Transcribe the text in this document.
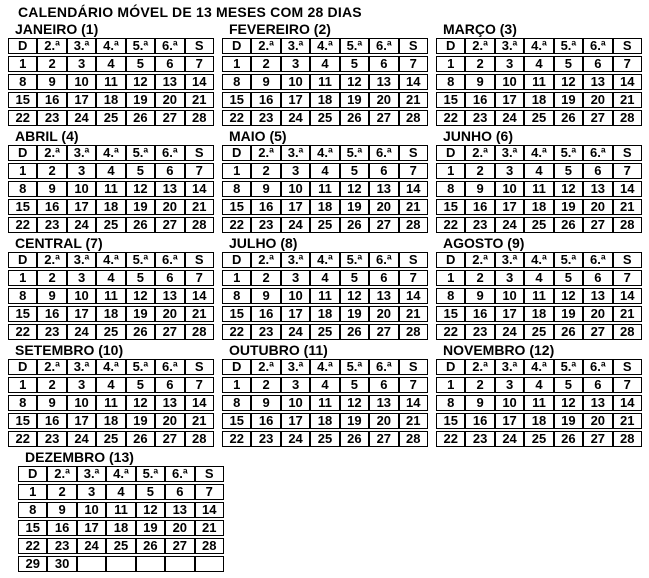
CALENDÁRIO MÓVEL DE 13 MESES COM 28 DIAS
JANEIRO (1)
D	2.ª	3.ª	4.ª	5.ª	6.ª	S
1	2	3	4	5	6	7
8	9	10	11	12	13	14
15	16	17	18	19	20	21
22	23	24	25	26	27	28
FEVEREIRO (2)
D	2.ª	3.ª	4.ª	5.ª	6.ª	S
1	2	3	4	5	6	7
8	9	10	11	12	13	14
15	16	17	18	19	20	21
22	23	24	25	26	27	28
MARÇO (3)
D	2.ª	3.ª	4.ª	5.ª	6.ª	S
1	2	3	4	5	6	7
8	9	10	11	12	13	14
15	16	17	18	19	20	21
22	23	24	25	26	27	28
ABRIL (4)
D	2.ª	3.ª	4.ª	5.ª	6.ª	S
1	2	3	4	5	6	7
8	9	10	11	12	13	14
15	16	17	18	19	20	21
22	23	24	25	26	27	28
MAIO (5)
D	2.ª	3.ª	4.ª	5.ª	6.ª	S
1	2	3	4	5	6	7
8	9	10	11	12	13	14
15	16	17	18	19	20	21
22	23	24	25	26	27	28
JUNHO (6)
D	2.ª	3.ª	4.ª	5.ª	6.ª	S
1	2	3	4	5	6	7
8	9	10	11	12	13	14
15	16	17	18	19	20	21
22	23	24	25	26	27	28
CENTRAL (7)
D	2.ª	3.ª	4.ª	5.ª	6.ª	S
1	2	3	4	5	6	7
8	9	10	11	12	13	14
15	16	17	18	19	20	21
22	23	24	25	26	27	28
JULHO (8)
D	2.ª	3.ª	4.ª	5.ª	6.ª	S
1	2	3	4	5	6	7
8	9	10	11	12	13	14
15	16	17	18	19	20	21
22	23	24	25	26	27	28
AGOSTO (9)
D	2.ª	3.ª	4.ª	5.ª	6.ª	S
1	2	3	4	5	6	7
8	9	10	11	12	13	14
15	16	17	18	19	20	21
22	23	24	25	26	27	28
SETEMBRO (10)
D	2.ª	3.ª	4.ª	5.ª	6.ª	S
1	2	3	4	5	6	7
8	9	10	11	12	13	14
15	16	17	18	19	20	21
22	23	24	25	26	27	28
OUTUBRO (11)
D	2.ª	3.ª	4.ª	5.ª	6.ª	S
1	2	3	4	5	6	7
8	9	10	11	12	13	14
15	16	17	18	19	20	21
22	23	24	25	26	27	28
NOVEMBRO (12)
D	2.ª	3.ª	4.ª	5.ª	6.ª	S
1	2	3	4	5	6	7
8	9	10	11	12	13	14
15	16	17	18	19	20	21
22	23	24	25	26	27	28
DEZEMBRO (13)
D	2.ª	3.ª	4.ª	5.ª	6.ª	S
1	2	3	4	5	6	7
8	9	10	11	12	13	14
15	16	17	18	19	20	21
22	23	24	25	26	27	28
29	30					
